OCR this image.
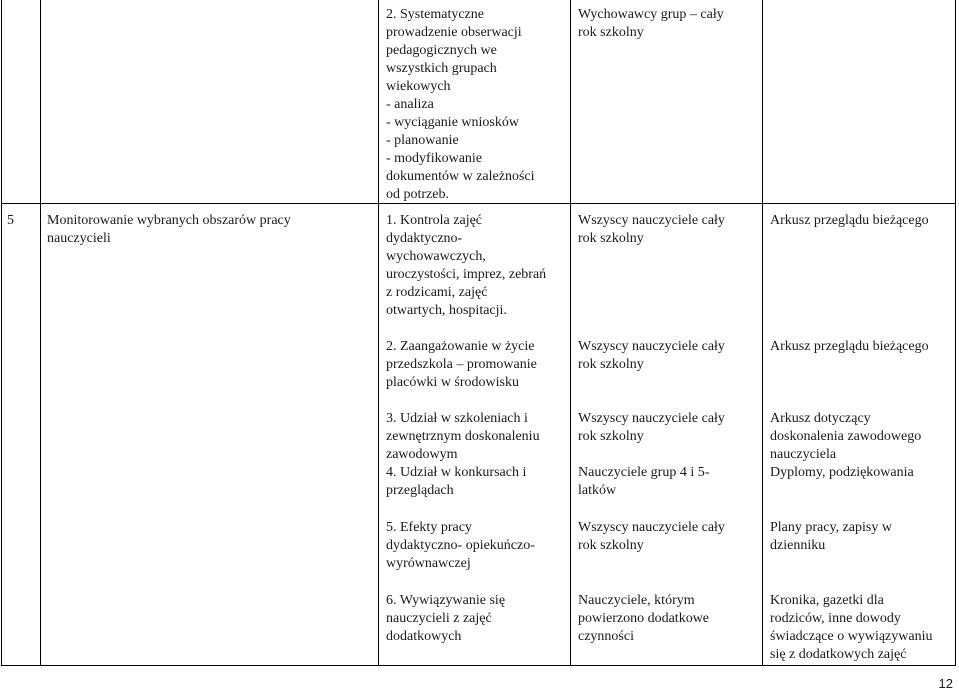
2. Systematyczne
prowadzenie obserwacji
pedagogicznych we
wszystkich grupach
wiekowych
- analiza
- wyciąganie wniosków
- planowanie
- modyfikowanie
dokumentów w zależności
od potrzeb.
Wychowawcy grup – cały
rok szkolny
5	Monitorowanie wybranych obszarów pracy
nauczycieli
1. Kontrola zajęć
dydaktyczno-
wychowawczych,
uroczystości, imprez, zebrań
z rodzicami, zajęć
otwartych, hospitacji.
Wszyscy nauczyciele cały
rok szkolny
Arkusz przeglądu bieżącego
2. Zaangażowanie w życie
przedszkola – promowanie
placówki w środowisku
Wszyscy nauczyciele cały
rok szkolny
Arkusz przeglądu bieżącego
3. Udział w szkoleniach i
zewnętrznym doskonaleniu
zawodowym
4. Udział w konkursach i
przeglądach
Wszyscy nauczyciele cały
rok szkolny

Nauczyciele grup 4 i 5-
latków
Arkusz dotyczący
doskonalenia zawodowego
nauczyciela
Dyplomy, podziękowania
5. Efekty pracy
dydaktyczno- opiekuńczo-
wyrównawczej
Wszyscy nauczyciele cały
rok szkolny
Plany pracy, zapisy w
dzienniku
6. Wywiązywanie się
nauczycieli z zajęć
dodatkowych
Nauczyciele, którym
powierzono dodatkowe
czynności
Kronika, gazetki dla
rodziców, inne dowody
świadczące o wywiązywaniu
się z dodatkowych zajęć
12
